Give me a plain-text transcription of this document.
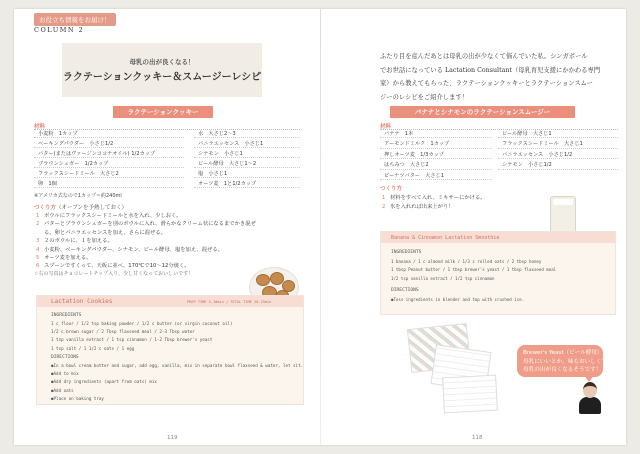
お役立ち情報をお届け！
COLUMN 2
母乳の出が良くなる！
ラクテーションクッキー＆スムージーレシピ
ラクテーションクッキー
材料
小麦粉　1カップ
ベーキングパウダー　小さじ1/2
バター(またはヴァージンココナオイル) 1/2カップ
ブラウンシュガー　1/2カップ
フラックスシードミール　大さじ2
卵　1個
水　大さじ2〜3
バニラエッセンス　小さじ1
シナモン　小さじ1
ビール酵母　大さじ1〜2
塩　小さじ1
オーツ麦　1と1/2カップ
※アメリカ式なので1カップ＝約240ml
つくり方（オーブンを予熱しておく）
1 ボウルにフラックスシードミールと水を入れ、少しおく。
2 バターとブラウンシュガーを別のボウルに入れ、滑らかなクリーム状になるまでかき混ぜ
る。卵とバニラエッセンスを加え、さらに混ぜる。
3 ２のボウルに、１を加える。
4 小麦粉、ベーキングパウダー、シナモン、ビール酵母、塩を加え、混ぜる。
5 オーツ麦を加える。
6 スプーンですくって、天板に並べ、170℃で10〜12分焼く。
☆右の写真はチョコレートチップ入り。少し甘くなっておいしいです！
Lactation Cookies	PREP TIME 5-10min / TOTAL TIME 20-25min
INGREDIENTS
1 c flour / 1/2 tsp baking powder / 1/2 c butter (or virgin coconut oil)
1/2 c brown sugar / 2 Tbsp flaxseed meal / 2-3 Tbsp water
1 tsp vanilla extract / 1 tsp cinnamon / 1-2 Tbsp brewer's yeast
1 tsp salt / 1 1/2 c oats / 1 egg
DIRECTIONS
●In a bowl cream butter and sugar, add egg, vanilla, mix in separate bowl flaxseed & water, let sit.
●Add to mix
●Add dry ingredients (apart from oats) mix
●Add oats
●Place on baking tray
119
ふたり目を産んだあとは母乳の出が少なくて悩んでいた私。シンガポール
でお世話になっている Lactation Consultant（母乳育児支援にかかわる専門
家）から教えてもらった、ラクテーションクッキーとラクテーションスムー
ジーのレシピをご紹介します！
バナナとシナモンのラクテーションスムージー
材料
バナナ　1本
アーモンドミルク　1カップ
押しオーツ麦　1/3カップ
はちみつ　大さじ2
ピーナツバター　大さじ1
ビール酵母　大さじ1
フラックスシードミール　大さじ1
バニラエッセンス　小さじ1/2
シナモン　小さじ1/2
つくり方
1 材料をすべて入れ、ミキサーにかける。
2 氷を入れれば出来上がり！
Banana & Cinnamon Lactation Smoothie
INGREDIENTS
1 banana / 1 c almond milk / 1/3 c rolled oats / 2 tbsp honey
1 tbsp Peanut butter / 1 tbsp brewer's yeast / 1 tbsp flaxseed meal
1/2 tsp vanilla extract / 1/2 tsp cinnamon
DIRECTIONS
●Toss ingredients in blender and top with crushed ice.
Brewer's Yeast（ビール酵母）が
母乳にいいとか。味もおいしくて
母乳の出が良くなるそうです！
118
